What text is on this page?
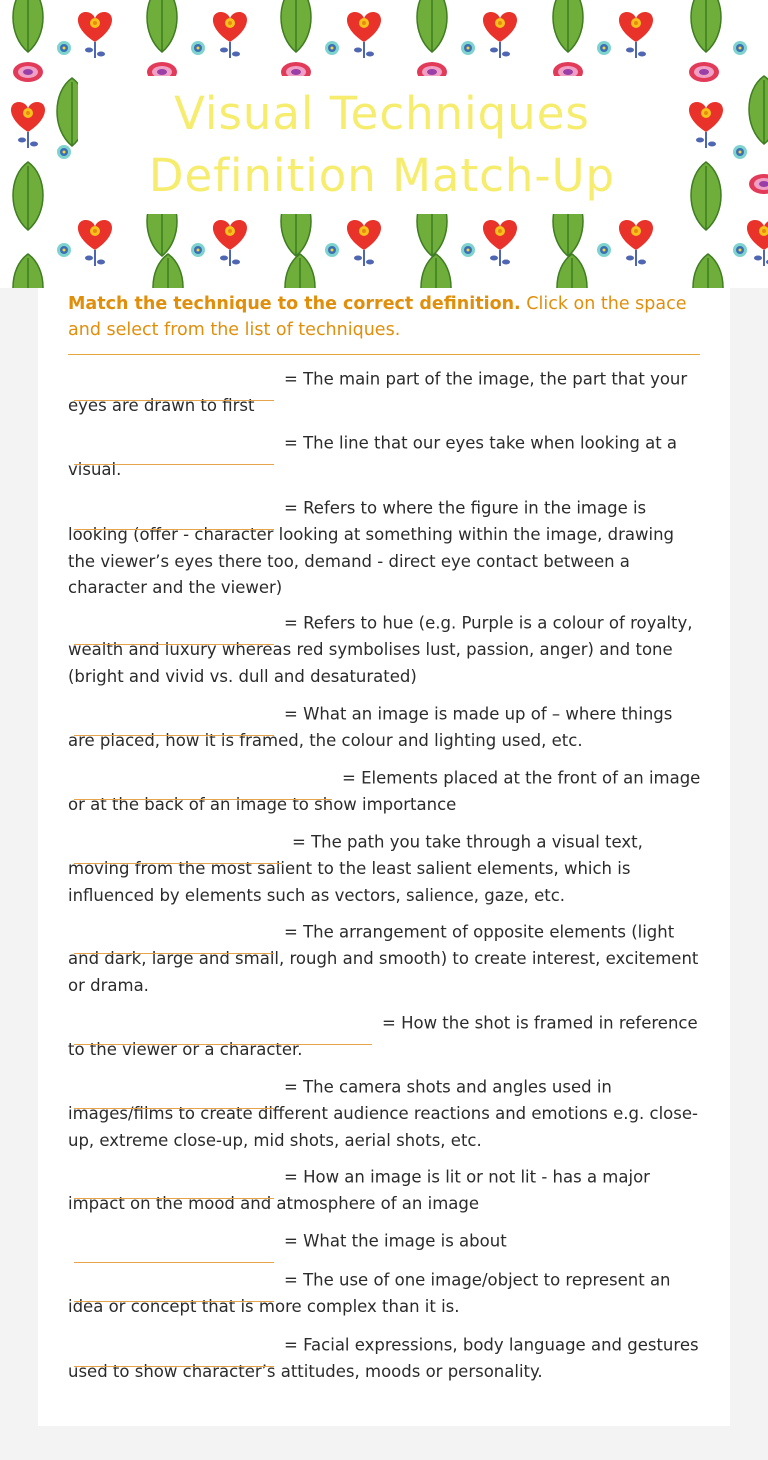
Visual Techniques
Definition Match-Up
Match the technique to the correct definition. Click on the space and select from the list of techniques.
= The main part of the image, the part that your eyes are drawn to first
= The line that our eyes take when looking at a visual.
= Refers to where the figure in the image is looking (offer - character looking at something within the image, drawing the viewer’s eyes there too, demand - direct eye contact between a character and the viewer)
= Refers to hue (e.g. Purple is a colour of royalty, wealth and luxury whereas red symbolises lust, passion, anger) and tone (bright and vivid vs. dull and desaturated)
= What an image is made up of – where things are placed, how it is framed, the colour and lighting used, etc.
= Elements placed at the front of an image or at the back of an image to show importance
= The path you take through a visual text, moving from the most salient to the least salient elements, which is influenced by elements such as vectors, salience, gaze, etc.
= The arrangement of opposite elements (light and dark, large and small, rough and smooth) to create interest, excitement or drama.
= How the shot is framed in reference to the viewer or a character.
= The camera shots and angles used in images/films to create different audience reactions and emotions e.g. close-up, extreme close-up, mid shots, aerial shots, etc.
= How an image is lit or not lit - has a major impact on the mood and atmosphere of an image
= What the image is about
= The use of one image/object to represent an idea or concept that is more complex than it is.
= Facial expressions, body language and gestures used to show character’s attitudes, moods or personality.
